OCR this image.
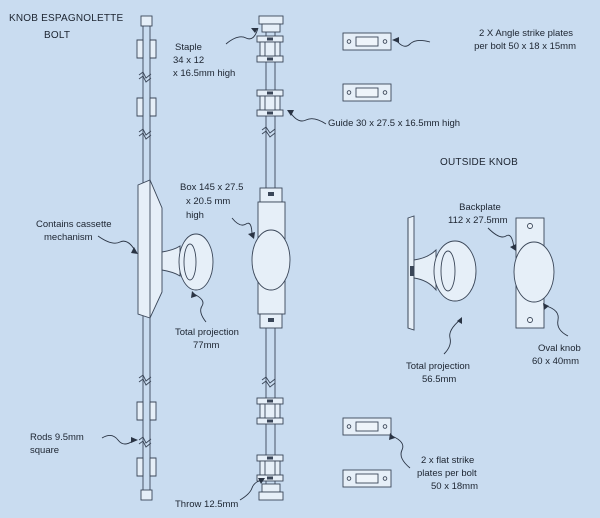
KNOB ESPAGNOLETTE
BOLT
Staple
34 x 12
x 16.5mm high
2 X Angle strike plates
per bolt 50 x 18 x 15mm
Guide 30 x 27.5 x 16.5mm high
OUTSIDE KNOB
Box 145 x 27.5
x 20.5 mm
high
Backplate
112 x 27.5mm
Contains cassette
mechanism
Total projection
77mm	Oval knob
60 x 40mm
Total projection
56.5mm
Rods 9.5mm
square
2 x flat strike
plates per bolt
50 x 18mm
Throw 12.5mm
